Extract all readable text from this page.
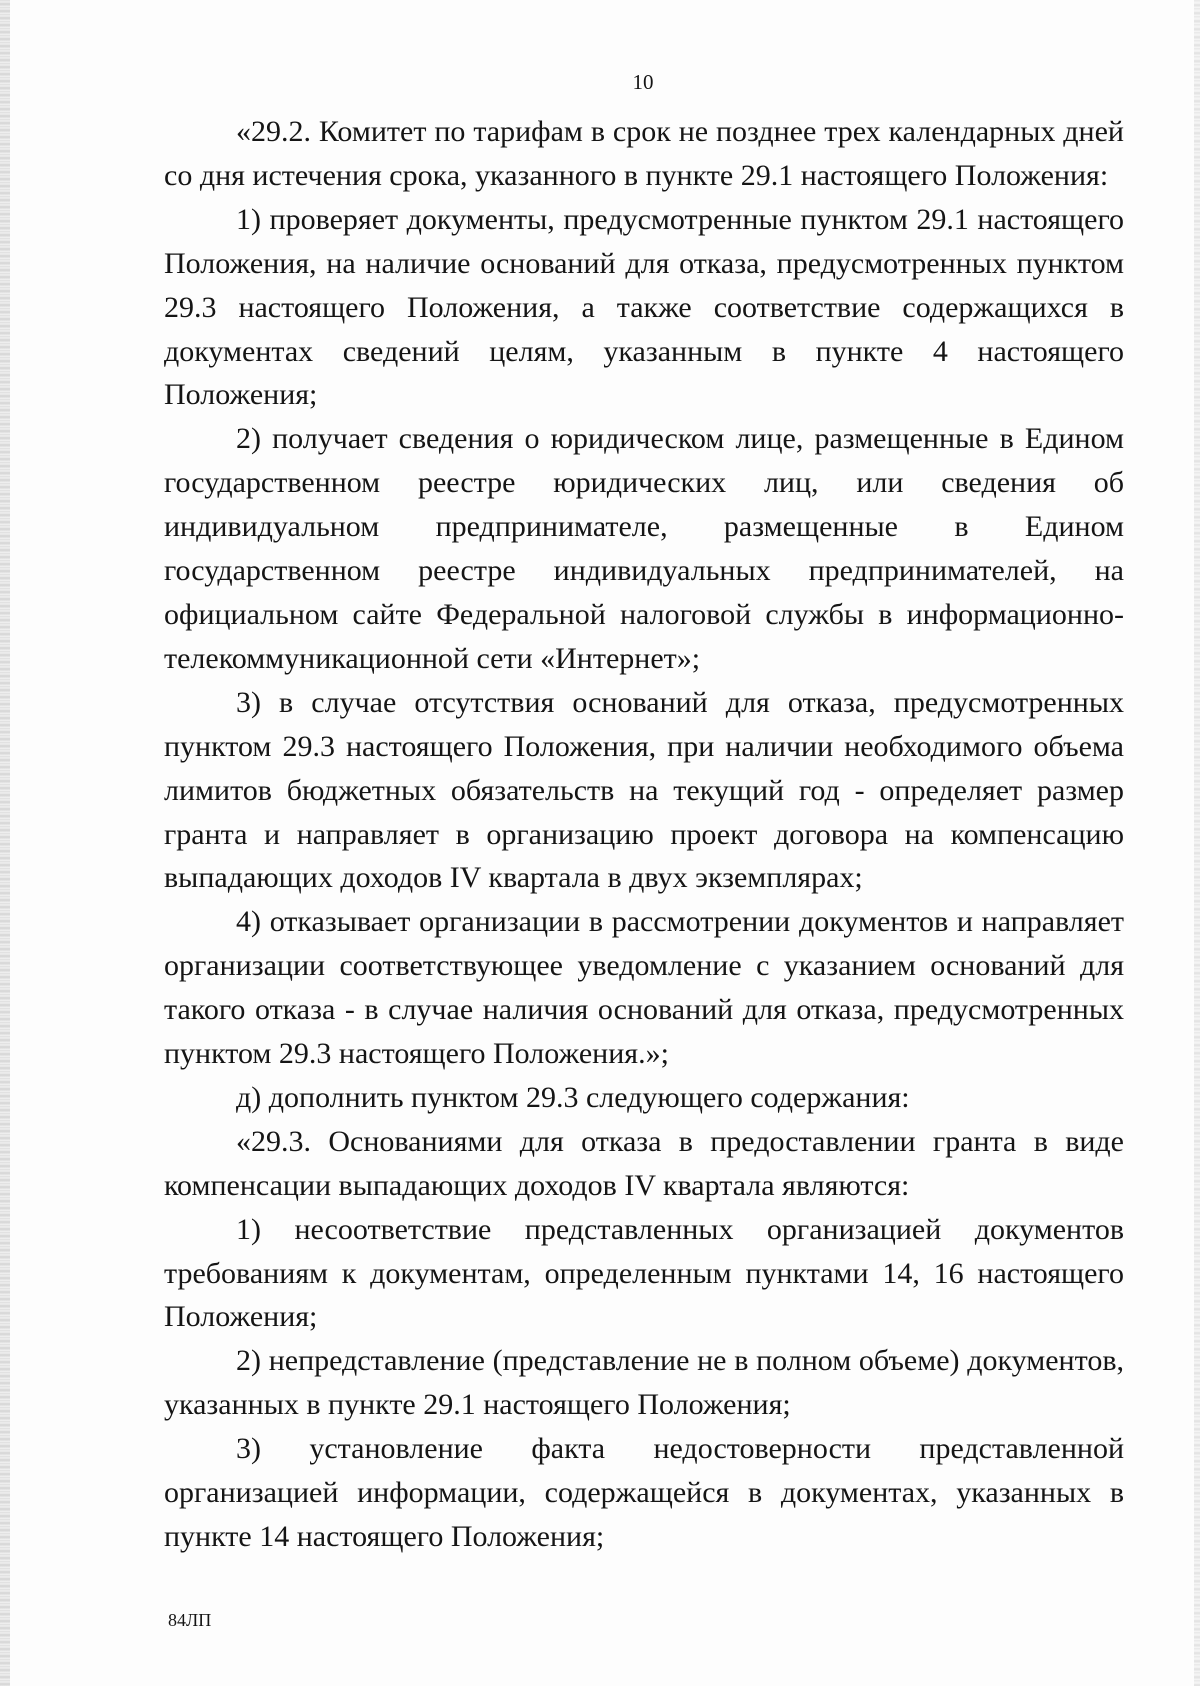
10

«29.2. Комитет по тарифам в срок не позднее трех календарных дней со дня истечения срока, указанного в пункте 29.1 настоящего Положения:

1) проверяет документы, предусмотренные пунктом 29.1 настоящего Положения, на наличие оснований для отказа, предусмотренных пунктом 29.3 настоящего Положения, а также соответствие содержащихся в документах сведений целям, указанным в пункте 4 настоящего Положения;

2) получает сведения о юридическом лице, размещенные в Едином государственном реестре юридических лиц, или сведения об индивидуальном предпринимателе, размещенные в Едином государственном реестре индивидуальных предпринимателей, на официальном сайте Федеральной налоговой службы в информационно-телекоммуникационной сети «Интернет»;

3) в случае отсутствия оснований для отказа, предусмотренных пунктом 29.3 настоящего Положения, при наличии необходимого объема лимитов бюджетных обязательств на текущий год - определяет размер гранта и направляет в организацию проект договора на компенсацию выпадающих доходов IV квартала в двух экземплярах;

4) отказывает организации в рассмотрении документов и направляет организации соответствующее уведомление с указанием оснований для такого отказа - в случае наличия оснований для отказа, предусмотренных пунктом 29.3 настоящего Положения.»;

д) дополнить пунктом 29.3 следующего содержания:

«29.3. Основаниями для отказа в предоставлении гранта в виде компенсации выпадающих доходов IV квартала являются:

1) несоответствие представленных организацией документов требованиям к документам, определенным пунктами 14, 16 настоящего Положения;

2) непредставление (представление не в полном объеме) документов, указанных в пункте 29.1 настоящего Положения;

3) установление факта недостоверности представленной организацией информации, содержащейся в документах, указанных в пункте 14 настоящего Положения;

84ЛП
